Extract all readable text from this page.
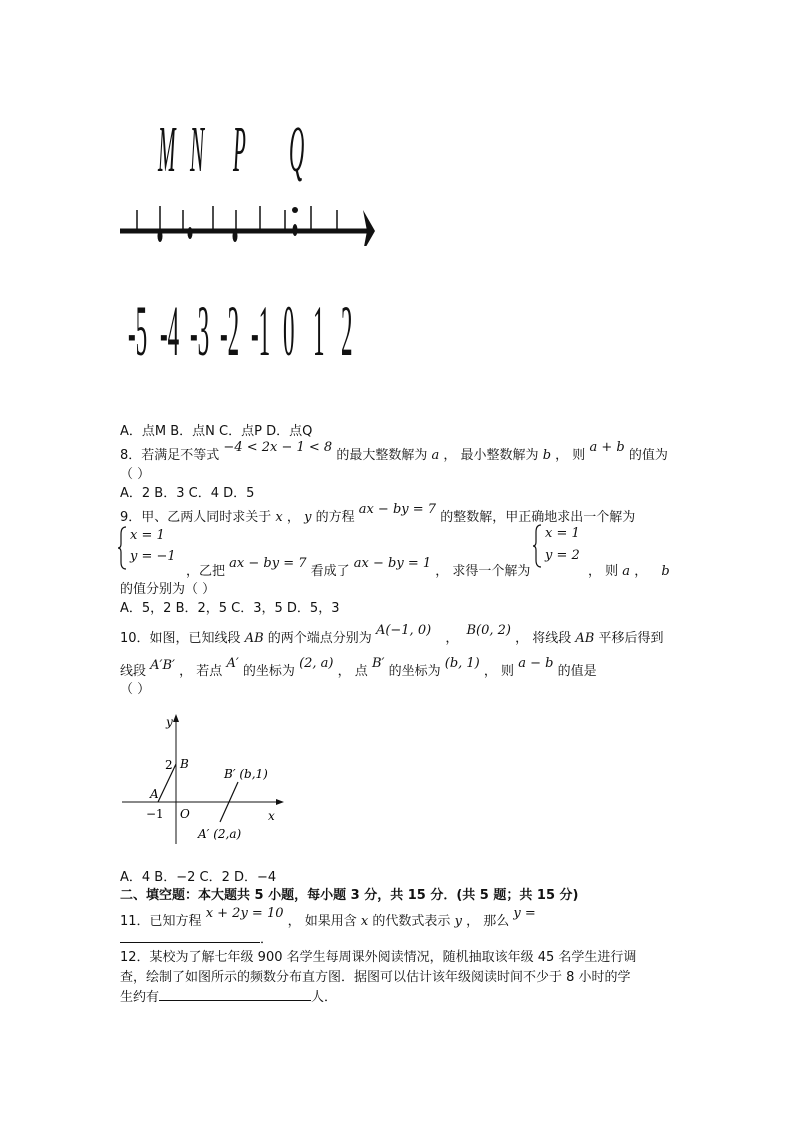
M N P Q
-5 -4 -3 -2 -1 0 1 2
A．点M B．点N C．点P D．点Q
8．若满足不等式 −4 < 2x − 1 < 8 的最大整数解为 a ， 最小整数解为 b ， 则 a + b 的值为
（ ）
A．2 B．3 C．4 D．5
9．甲、乙两人同时求关于 x ， y 的方程 ax − by = 7 的整数解，甲正确地求出一个解为
x = 1
y = −1
，乙把 ax − by = 7 看成了 ax − by = 1 ， 求得一个解为
x = 1
y = 2
， 则 a ， b
的值分别为（ ）
A．5，2 B．2，5 C．3，5 D．5，3
10．如图，已知线段 AB 的两个端点分别为 A(−1, 0) ， B(0, 2) ， 将线段 AB 平移后得到
线段 A′B′ ， 若点 A′ 的坐标为 (2, a) ， 点 B′ 的坐标为 (b, 1) ， 则 a − b 的值是
（ ）
y
x
2 B
A
−1 O
B′ (b,1)
A′ (2,a)
A．4 B．−2 C．2 D．−4
二、填空题：本大题共 5 小题，每小题 3 分，共 15 分．(共 5 题；共 15 分)
11．已知方程 x + 2y = 10 ， 如果用含 x 的代数式表示 y ， 那么 y =
．
12．某校为了解七年级 900 名学生每周课外阅读情况，随机抽取该年级 45 名学生进行调
查，绘制了如图所示的频数分布直方图．据图可以估计该年级阅读时间不少于 8 小时的学
生约有	人．
